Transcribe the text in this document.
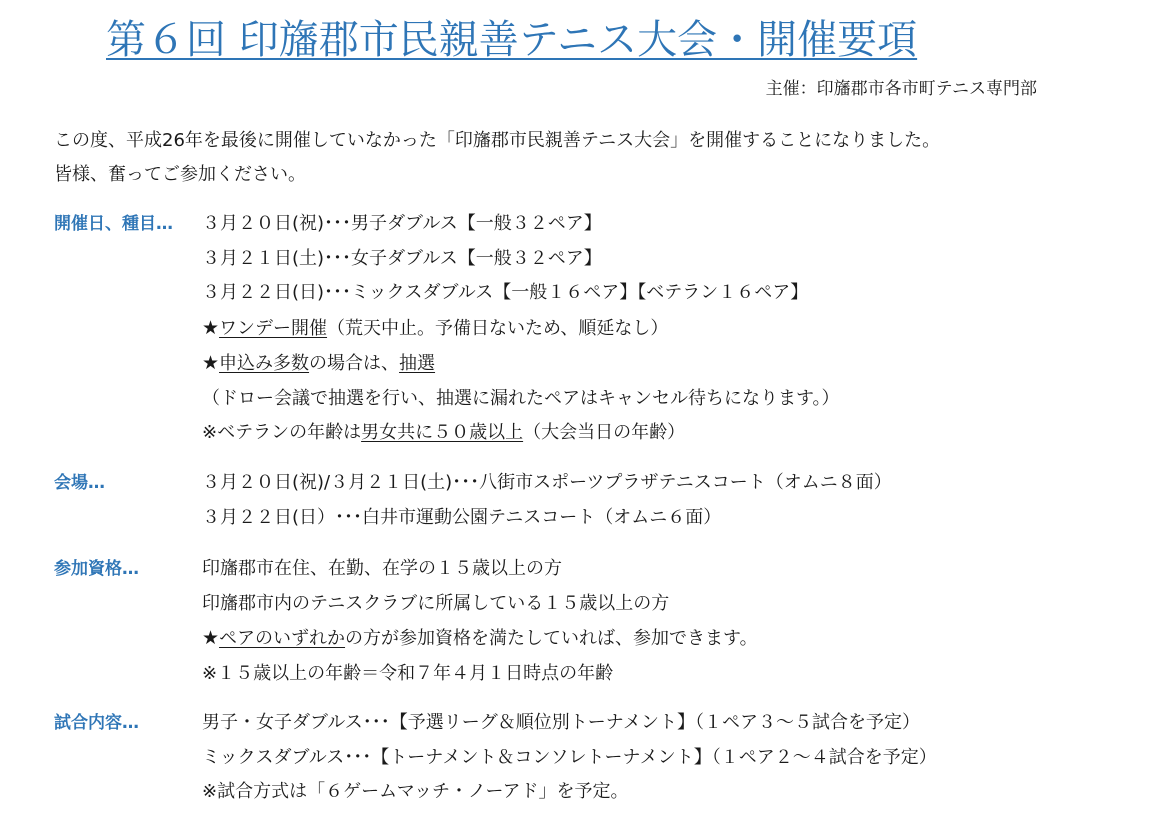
第６回 印旛郡市民親善テニス大会・開催要項
主催：印旛郡市各市町テニス専門部
この度、平成26年を最後に開催していなかった「印旛郡市民親善テニス大会」を開催することになりました。
皆様、奮ってご参加ください。
開催日、種目… ３月２０日(祝)･･･男子ダブルス【一般３２ペア】
３月２１日(土)･･･女子ダブルス【一般３２ペア】
３月２２日(日)･･･ミックスダブルス【一般１６ペア】【ベテラン１６ペア】
★ワンデー開催（荒天中止。予備日ないため、順延なし）
★申込み多数の場合は、抽選
（ドロー会議で抽選を行い、抽選に漏れたペアはキャンセル待ちになります。）
※ベテランの年齢は男女共に５０歳以上（大会当日の年齢）
会場…	３月２０日(祝)/３月２１日(土)･･･八街市スポーツプラザテニスコート（オムニ８面）
３月２２日(日）･･･白井市運動公園テニスコート（オムニ６面）
参加資格…	印旛郡市在住、在勤、在学の１５歳以上の方
印旛郡市内のテニスクラブに所属している１５歳以上の方
★ペアのいずれかの方が参加資格を満たしていれば、参加できます。
※１５歳以上の年齢＝令和７年４月１日時点の年齢
試合内容…	男子・女子ダブルス･･･【予選リーグ＆順位別トーナメント】（１ペア３～５試合を予定）
ミックスダブルス･･･【トーナメント＆コンソレトーナメント】（１ペア２～４試合を予定）
※試合方式は「６ゲームマッチ・ノーアド」を予定。
